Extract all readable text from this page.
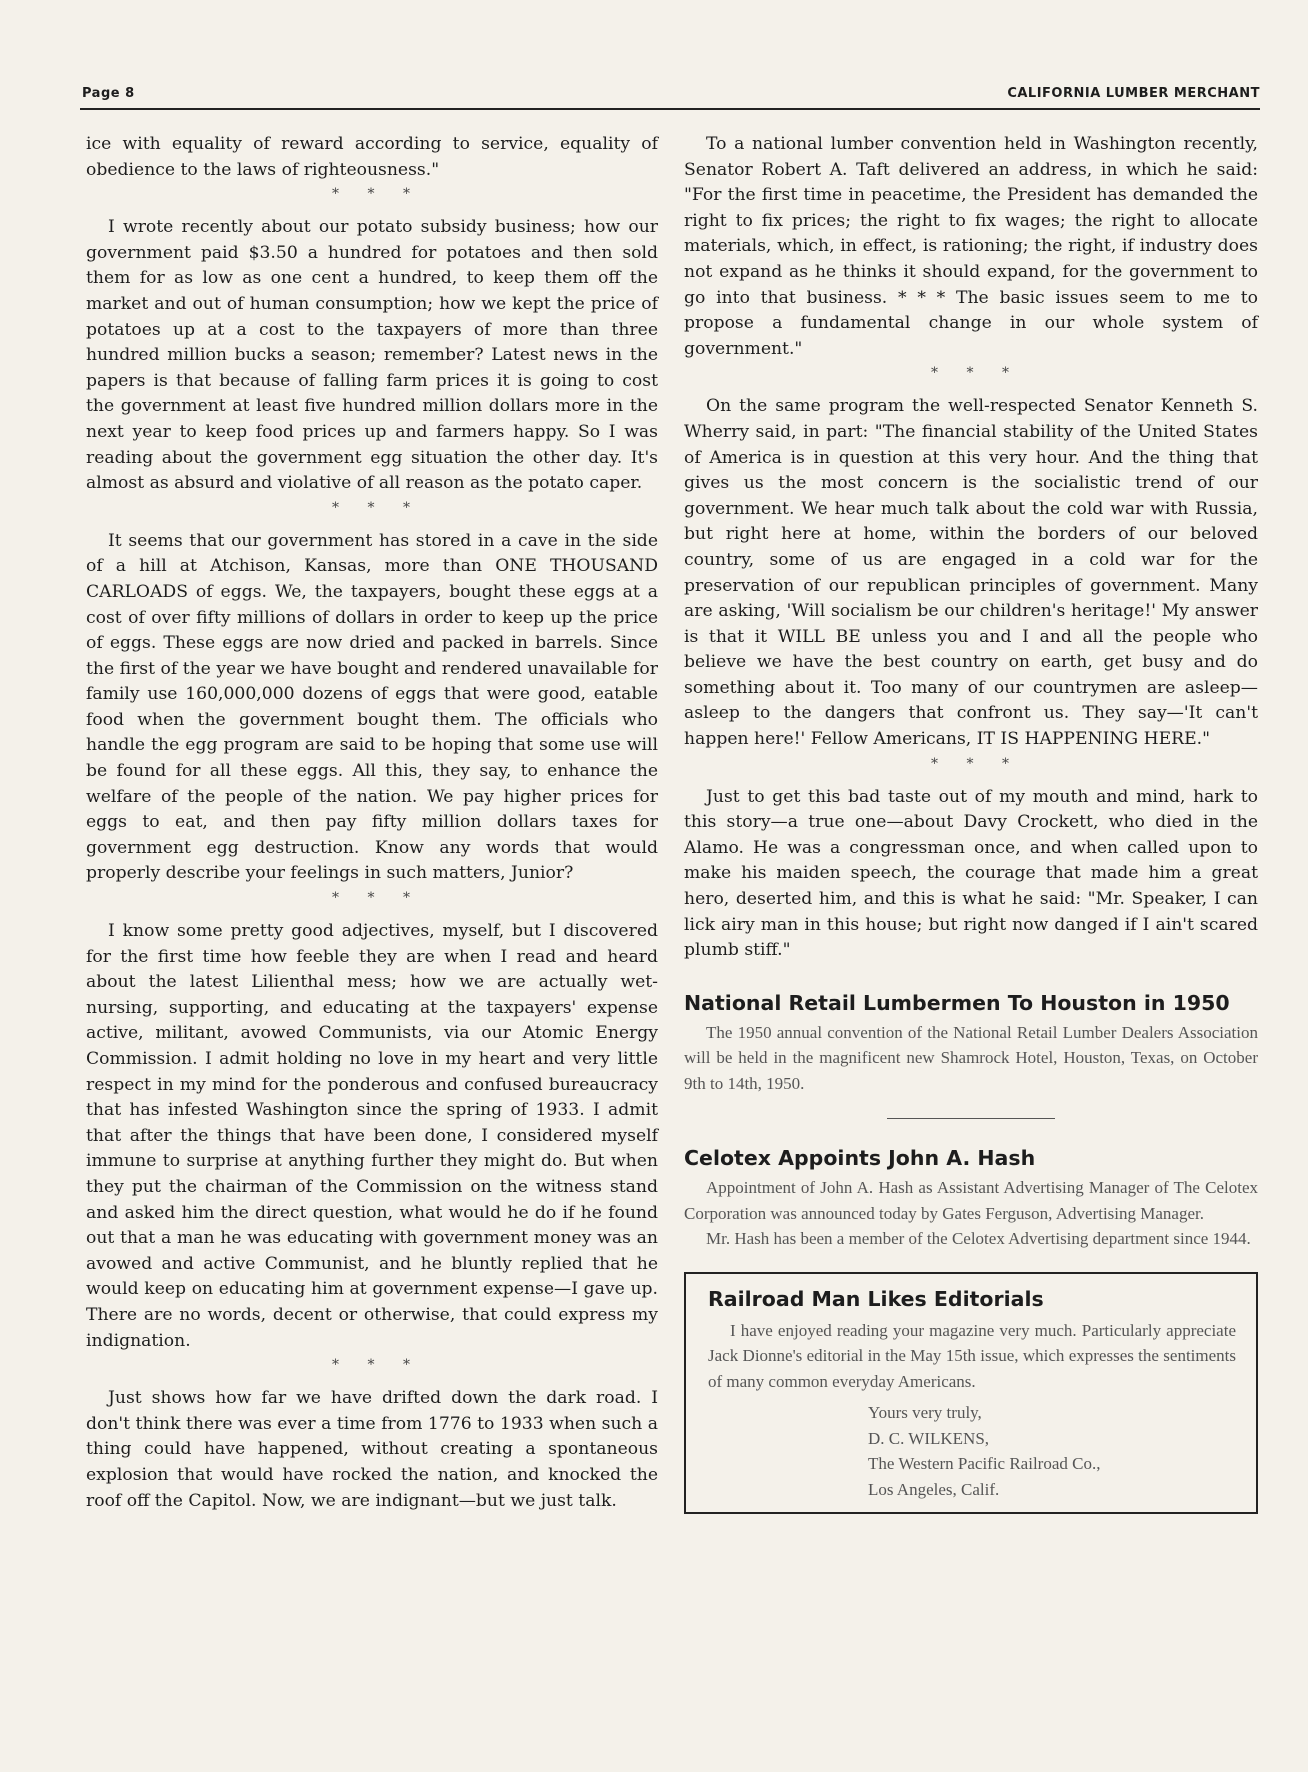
Page 8	CALIFORNIA LUMBER MERCHANT

ice with equality of reward according to service, equality of obedience to the laws of righteousness."

* * *

I wrote recently about our potato subsidy business; how our government paid $3.50 a hundred for potatoes and then sold them for as low as one cent a hundred, to keep them off the market and out of human consumption; how we kept the price of potatoes up at a cost to the taxpayers of more than three hundred million bucks a season; remember? Latest news in the papers is that because of falling farm prices it is going to cost the government at least five hundred million dollars more in the next year to keep food prices up and farmers happy. So I was reading about the government egg situation the other day. It's almost as absurd and violative of all reason as the potato caper.

* * *

It seems that our government has stored in a cave in the side of a hill at Atchison, Kansas, more than ONE THOUSAND CARLOADS of eggs. We, the taxpayers, bought these eggs at a cost of over fifty millions of dollars in order to keep up the price of eggs. These eggs are now dried and packed in barrels. Since the first of the year we have bought and rendered unavailable for family use 160,000,000 dozens of eggs that were good, eatable food when the government bought them. The officials who handle the egg program are said to be hoping that some use will be found for all these eggs. All this, they say, to enhance the welfare of the people of the nation. We pay higher prices for eggs to eat, and then pay fifty million dollars taxes for government egg destruction. Know any words that would properly describe your feelings in such matters, Junior?

* * *

I know some pretty good adjectives, myself, but I discovered for the first time how feeble they are when I read and heard about the latest Lilienthal mess; how we are actually wet-nursing, supporting, and educating at the taxpayers' expense active, militant, avowed Communists, via our Atomic Energy Commission. I admit holding no love in my heart and very little respect in my mind for the ponderous and confused bureaucracy that has infested Washington since the spring of 1933. I admit that after the things that have been done, I considered myself immune to surprise at anything further they might do. But when they put the chairman of the Commission on the witness stand and asked him the direct question, what would he do if he found out that a man he was educating with government money was an avowed and active Communist, and he bluntly replied that he would keep on educating him at government expense—I gave up. There are no words, decent or otherwise, that could express my indignation.

* * *

Just shows how far we have drifted down the dark road. I don't think there was ever a time from 1776 to 1933 when such a thing could have happened, without creating a spontaneous explosion that would have rocked the nation, and knocked the roof off the Capitol. Now, we are indignant—but we just talk.

To a national lumber convention held in Washington recently, Senator Robert A. Taft delivered an address, in which he said: "For the first time in peacetime, the President has demanded the right to fix prices; the right to fix wages; the right to allocate materials, which, in effect, is rationing; the right, if industry does not expand as he thinks it should expand, for the government to go into that business. * * * The basic issues seem to me to propose a fundamental change in our whole system of government."

* * *

On the same program the well-respected Senator Kenneth S. Wherry said, in part: "The financial stability of the United States of America is in question at this very hour. And the thing that gives us the most concern is the socialistic trend of our government. We hear much talk about the cold war with Russia, but right here at home, within the borders of our beloved country, some of us are engaged in a cold war for the preservation of our republican principles of government. Many are asking, 'Will socialism be our children's heritage!' My answer is that it WILL BE unless you and I and all the people who believe we have the best country on earth, get busy and do something about it. Too many of our countrymen are asleep—asleep to the dangers that confront us. They say—'It can't happen here!' Fellow Americans, IT IS HAPPENING HERE."

* * *

Just to get this bad taste out of my mouth and mind, hark to this story—a true one—about Davy Crockett, who died in the Alamo. He was a congressman once, and when called upon to make his maiden speech, the courage that made him a great hero, deserted him, and this is what he said: "Mr. Speaker, I can lick airy man in this house; but right now danged if I ain't scared plumb stiff."

National Retail Lumbermen To Houston in 1950

The 1950 annual convention of the National Retail Lumber Dealers Association will be held in the magnificent new Shamrock Hotel, Houston, Texas, on October 9th to 14th, 1950.

Celotex Appoints John A. Hash

Appointment of John A. Hash as Assistant Advertising Manager of The Celotex Corporation was announced today by Gates Ferguson, Advertising Manager.

Mr. Hash has been a member of the Celotex Advertising department since 1944.

Railroad Man Likes Editorials

I have enjoyed reading your magazine very much. Particularly appreciate Jack Dionne's editorial in the May 15th issue, which expresses the sentiments of many common everyday Americans.

Yours very truly,
D. C. WILKENS,
The Western Pacific Railroad Co.,
Los Angeles, Calif.
